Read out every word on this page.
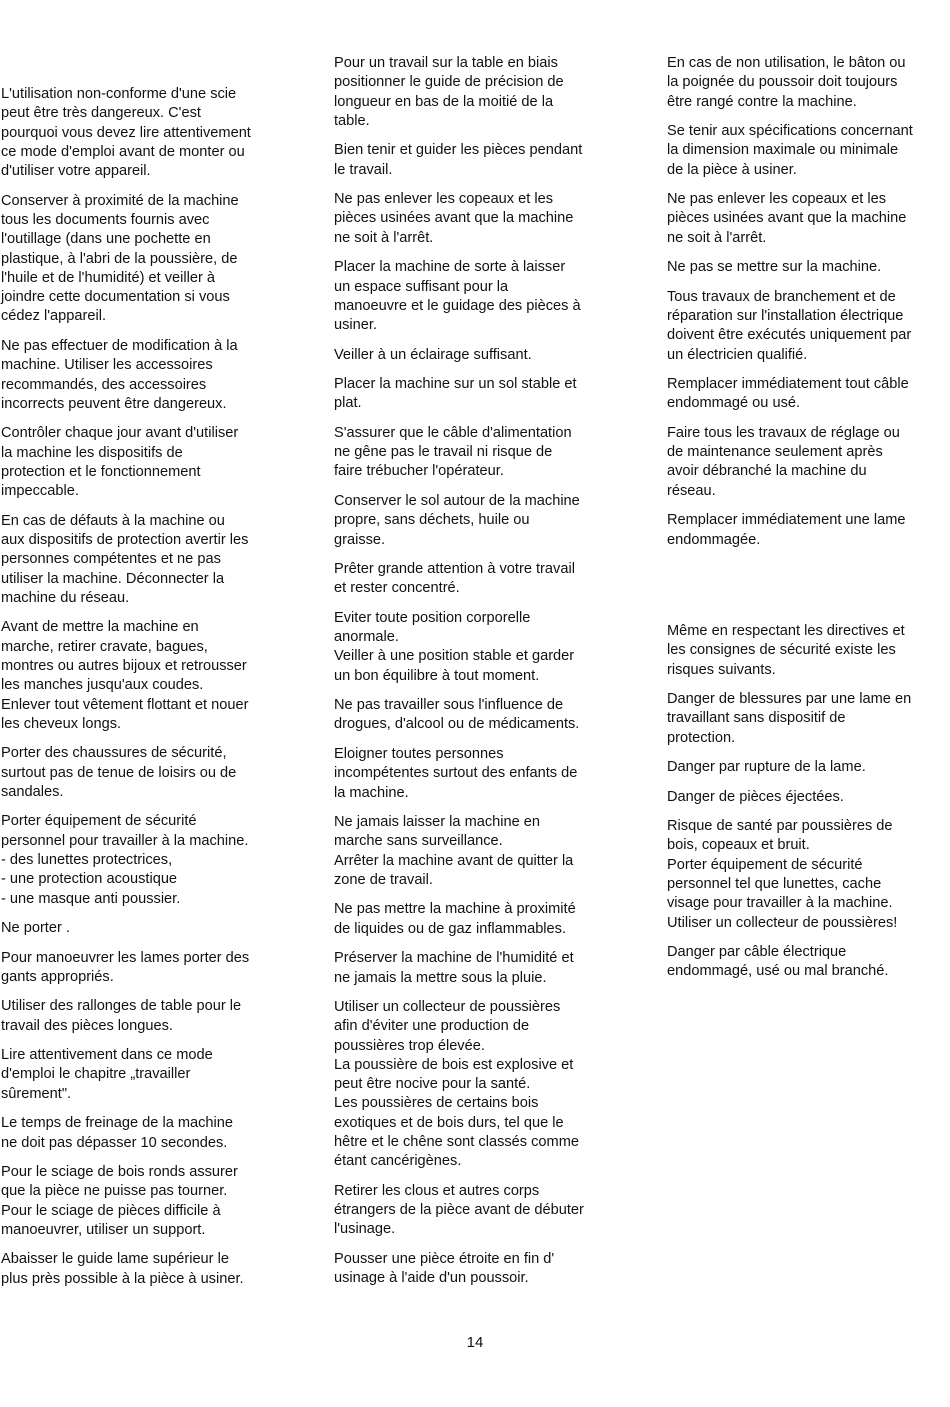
L'utilisation non-conforme d'une scie
peut être très dangereux. C'est
pourquoi vous devez lire attentivement
ce mode d'emploi avant de monter ou
d'utiliser votre appareil.

Conserver à proximité de la machine
tous les documents fournis avec
l'outillage (dans une pochette en
plastique, à l'abri de la poussière, de
l'huile et de l'humidité) et veiller à
joindre cette documentation si vous
cédez l'appareil.

Ne pas effectuer de modification à la
machine. Utiliser les accessoires
recommandés, des accessoires
incorrects peuvent être dangereux.

Contrôler chaque jour avant d'utiliser
la machine les dispositifs de
protection et le fonctionnement
impeccable.

En cas de défauts à la machine ou
aux dispositifs de protection avertir les
personnes compétentes et ne pas
utiliser la machine. Déconnecter la
machine du réseau.

Avant de mettre la machine en
marche, retirer cravate, bagues,
montres ou autres bijoux et retrousser
les manches jusqu'aux coudes.
Enlever tout vêtement flottant et nouer
les cheveux longs.

Porter des chaussures de sécurité,
surtout pas de tenue de loisirs ou de
sandales.

Porter équipement de sécurité
personnel pour travailler à la machine.
- des lunettes protectrices,
- une protection acoustique
- une masque anti poussier.

Ne porter .

Pour manoeuvrer les lames porter des
gants appropriés.

Utiliser des rallonges de table pour le
travail des pièces longues.

Lire attentivement dans ce mode
d'emploi le chapitre „travailler
sûrement".

Le temps de freinage de la machine
ne doit pas dépasser 10 secondes.

Pour le sciage de bois ronds assurer
que la pièce ne puisse pas tourner.
Pour le sciage de pièces difficile à
manoeuvrer, utiliser un support.

Abaisser le guide lame supérieur le
plus près possible à la pièce à usiner.

Pour un travail sur la table en biais
positionner le guide de précision de
longueur en bas de la moitié de la
table.

Bien tenir et guider les pièces pendant
le travail.

Ne pas enlever les copeaux et les
pièces usinées avant que la machine
ne soit à l'arrêt.

Placer la machine de sorte à laisser
un espace suffisant pour la
manoeuvre et le guidage des pièces à
usiner.

Veiller à un éclairage suffisant.

Placer la machine sur un sol stable et
plat.

S'assurer que le câble d'alimentation
ne gêne pas le travail ni risque de
faire trébucher l'opérateur.

Conserver le sol autour de la machine
propre, sans déchets, huile ou
graisse.

Prêter grande attention à votre travail
et rester concentré.

Eviter toute position corporelle
anormale.
Veiller à une position stable et garder
un bon équilibre à tout moment.

Ne pas travailler sous l'influence de
drogues, d'alcool ou de médicaments.

Eloigner toutes personnes
incompétentes surtout des enfants de
la machine.

Ne jamais laisser la machine en
marche sans surveillance.
Arrêter la machine avant de quitter la
zone de travail.

Ne pas mettre la machine à proximité
de liquides ou de gaz inflammables.

Préserver la machine de l'humidité et
ne jamais la mettre sous la pluie.

Utiliser un collecteur de poussières
afin d'éviter une production de
poussières trop élevée.
La poussière de bois est explosive et
peut être nocive pour la santé.
Les poussières de certains bois
exotiques et de bois durs, tel que le
hêtre et le chêne sont classés comme
étant cancérigènes.

Retirer les clous et autres corps
étrangers de la pièce avant de débuter
l'usinage.

Pousser une pièce étroite en fin d'
usinage à l'aide d'un poussoir.

En cas de non utilisation, le bâton ou
la poignée du poussoir doit toujours
être rangé contre la machine.

Se tenir aux spécifications concernant
la dimension maximale ou minimale
de la pièce à usiner.

Ne pas enlever les copeaux et les
pièces usinées avant que la machine
ne soit à l'arrêt.

Ne pas se mettre sur la machine.

Tous travaux de branchement et de
réparation sur l'installation électrique
doivent être exécutés uniquement par
un électricien qualifié.

Remplacer immédiatement tout câble
endommagé ou usé.

Faire tous les travaux de réglage ou
de maintenance seulement après
avoir débranché la machine du
réseau.

Remplacer immédiatement une lame
endommagée.

Même en respectant les directives et
les consignes de sécurité existe les
risques suivants.

Danger de blessures par une lame en
travaillant sans dispositif de
protection.

Danger par rupture de la lame.

Danger de pièces éjectées.

Risque de santé par poussières de
bois, copeaux et bruit.
Porter équipement de sécurité
personnel tel que lunettes, cache
visage pour travailler à la machine.
Utiliser un collecteur de poussières!

Danger par câble électrique
endommagé, usé ou mal branché.

14
